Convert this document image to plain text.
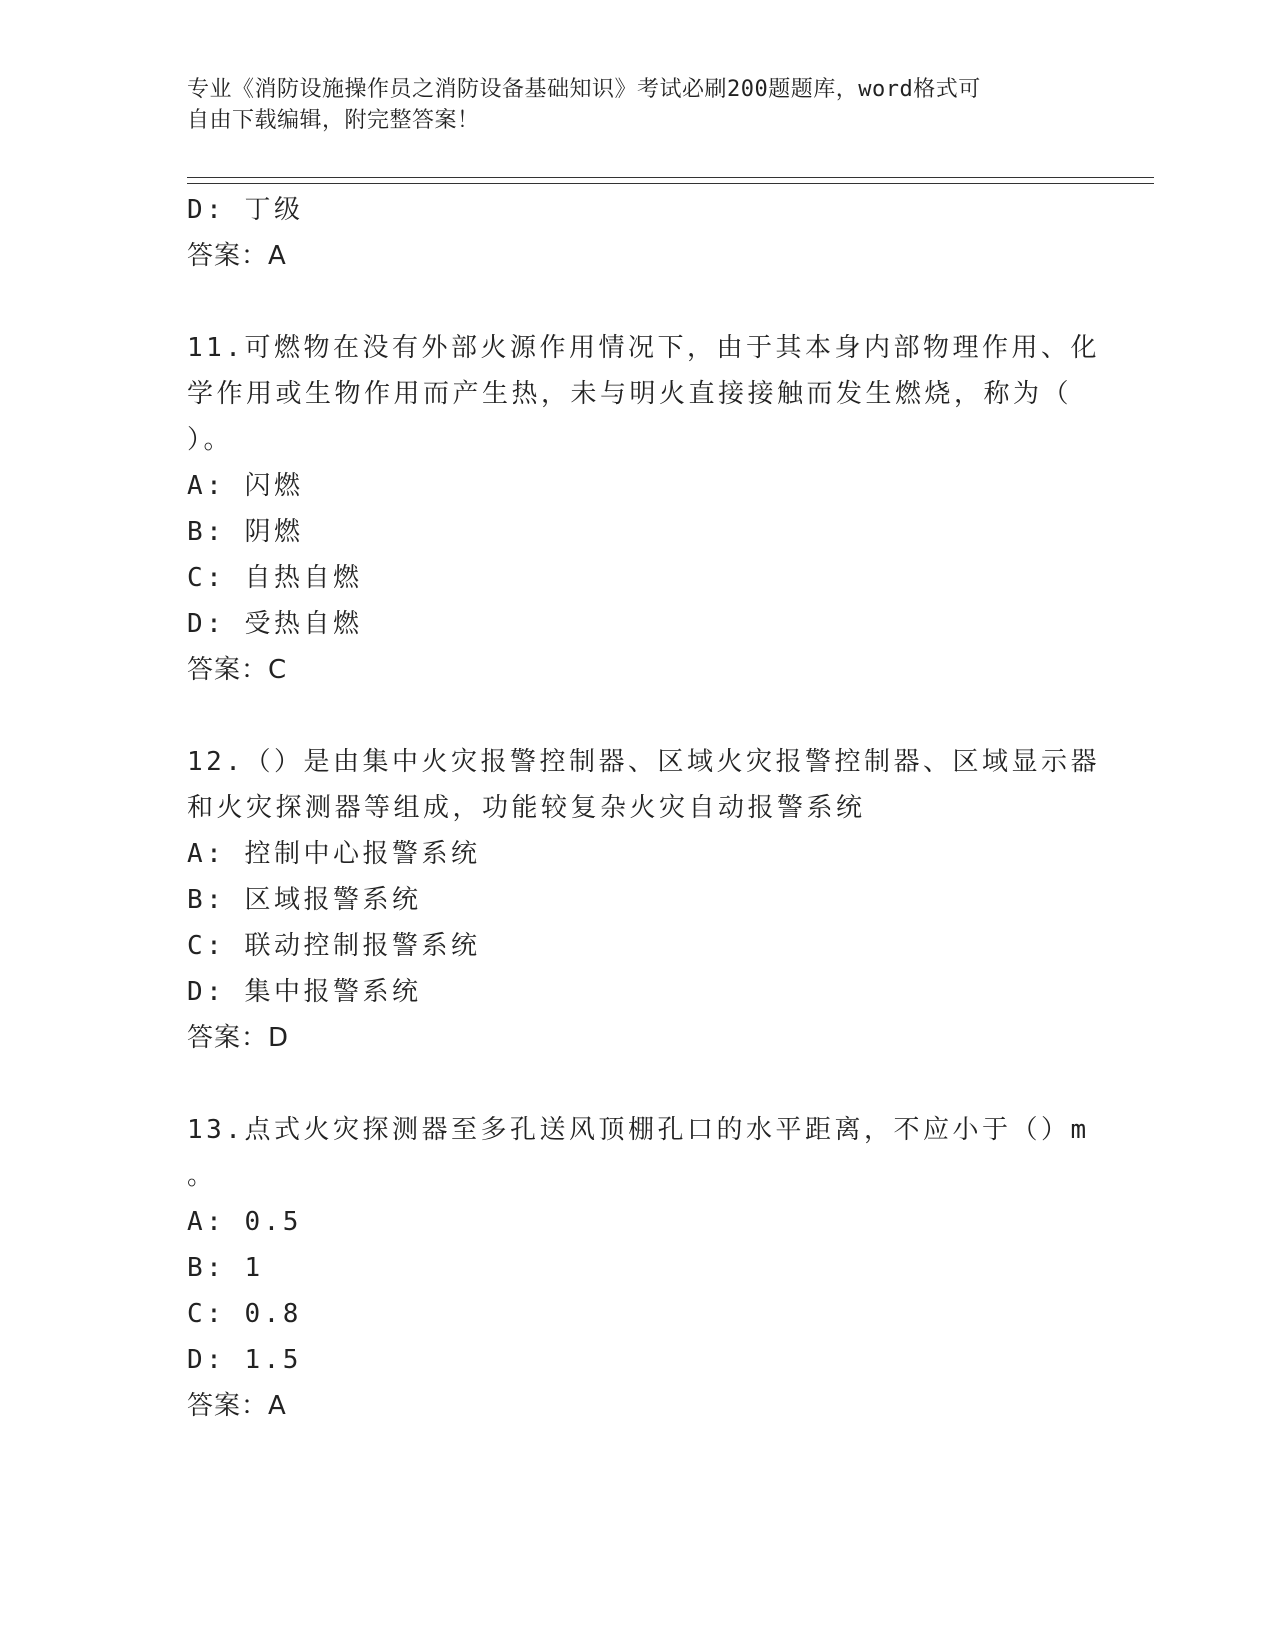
专业《消防设施操作员之消防设备基础知识》考试必刷200题题库，word格式可
自由下载编辑，附完整答案！
D: 丁级
答案：A
11.可燃物在没有外部火源作用情况下，由于其本身内部物理作用、化
学作用或生物作用而产生热，未与明火直接接触而发生燃烧，称为（
）。
A: 闪燃
B: 阴燃
C: 自热自燃
D: 受热自燃
答案：C
12.（）是由集中火灾报警控制器、区域火灾报警控制器、区域显示器
和火灾探测器等组成，功能较复杂火灾自动报警系统
A: 控制中心报警系统
B: 区域报警系统
C: 联动控制报警系统
D: 集中报警系统
答案：D
13.点式火灾探测器至多孔送风顶棚孔口的水平距离，不应小于（）m
。
A: 0.5
B: 1
C: 0.8
D: 1.5
答案：A
